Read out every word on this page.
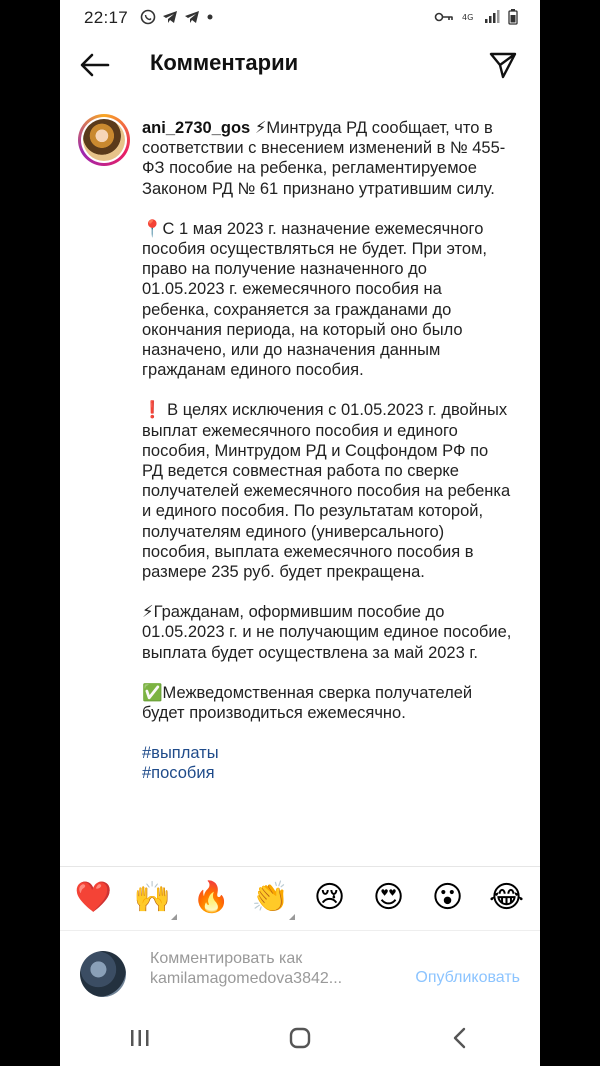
22:17	4G
Комментарии

ani_2730_gos ⚡Минтруда РД сообщает, что в соответствии с внесением изменений в № 455-ФЗ пособие на ребенка, регламентируемое Законом РД № 61 признано утратившим силу.

📍С 1 мая 2023 г. назначение ежемесячного пособия осуществляться не будет. При этом, право на получение назначенного до 01.05.2023 г. ежемесячного пособия на ребенка, сохраняется за гражданами до окончания периода, на который оно было назначено, или до назначения данным гражданам единого пособия.

❗ В целях исключения с 01.05.2023 г. двойных выплат ежемесячного пособия и единого пособия, Минтрудом РД и Соцфондом РФ по РД ведется совместная работа по сверке получателей ежемесячного пособия на ребенка и единого пособия. По результатам которой, получателям единого (универсального) пособия, выплата ежемесячного пособия в размере 235 руб. будет прекращена.

⚡Гражданам, оформившим пособие до 01.05.2023 г. и не получающим единое пособие, выплата будет осуществлена за май 2023 г.

✅Межведомственная сверка получателей будет производиться ежемесячно.

#выплаты
#пособия

❤️ 🙌 🔥 👏 😢 😍 😮 😂
Комментировать как
kamilamagomedova3842...	Опубликовать
